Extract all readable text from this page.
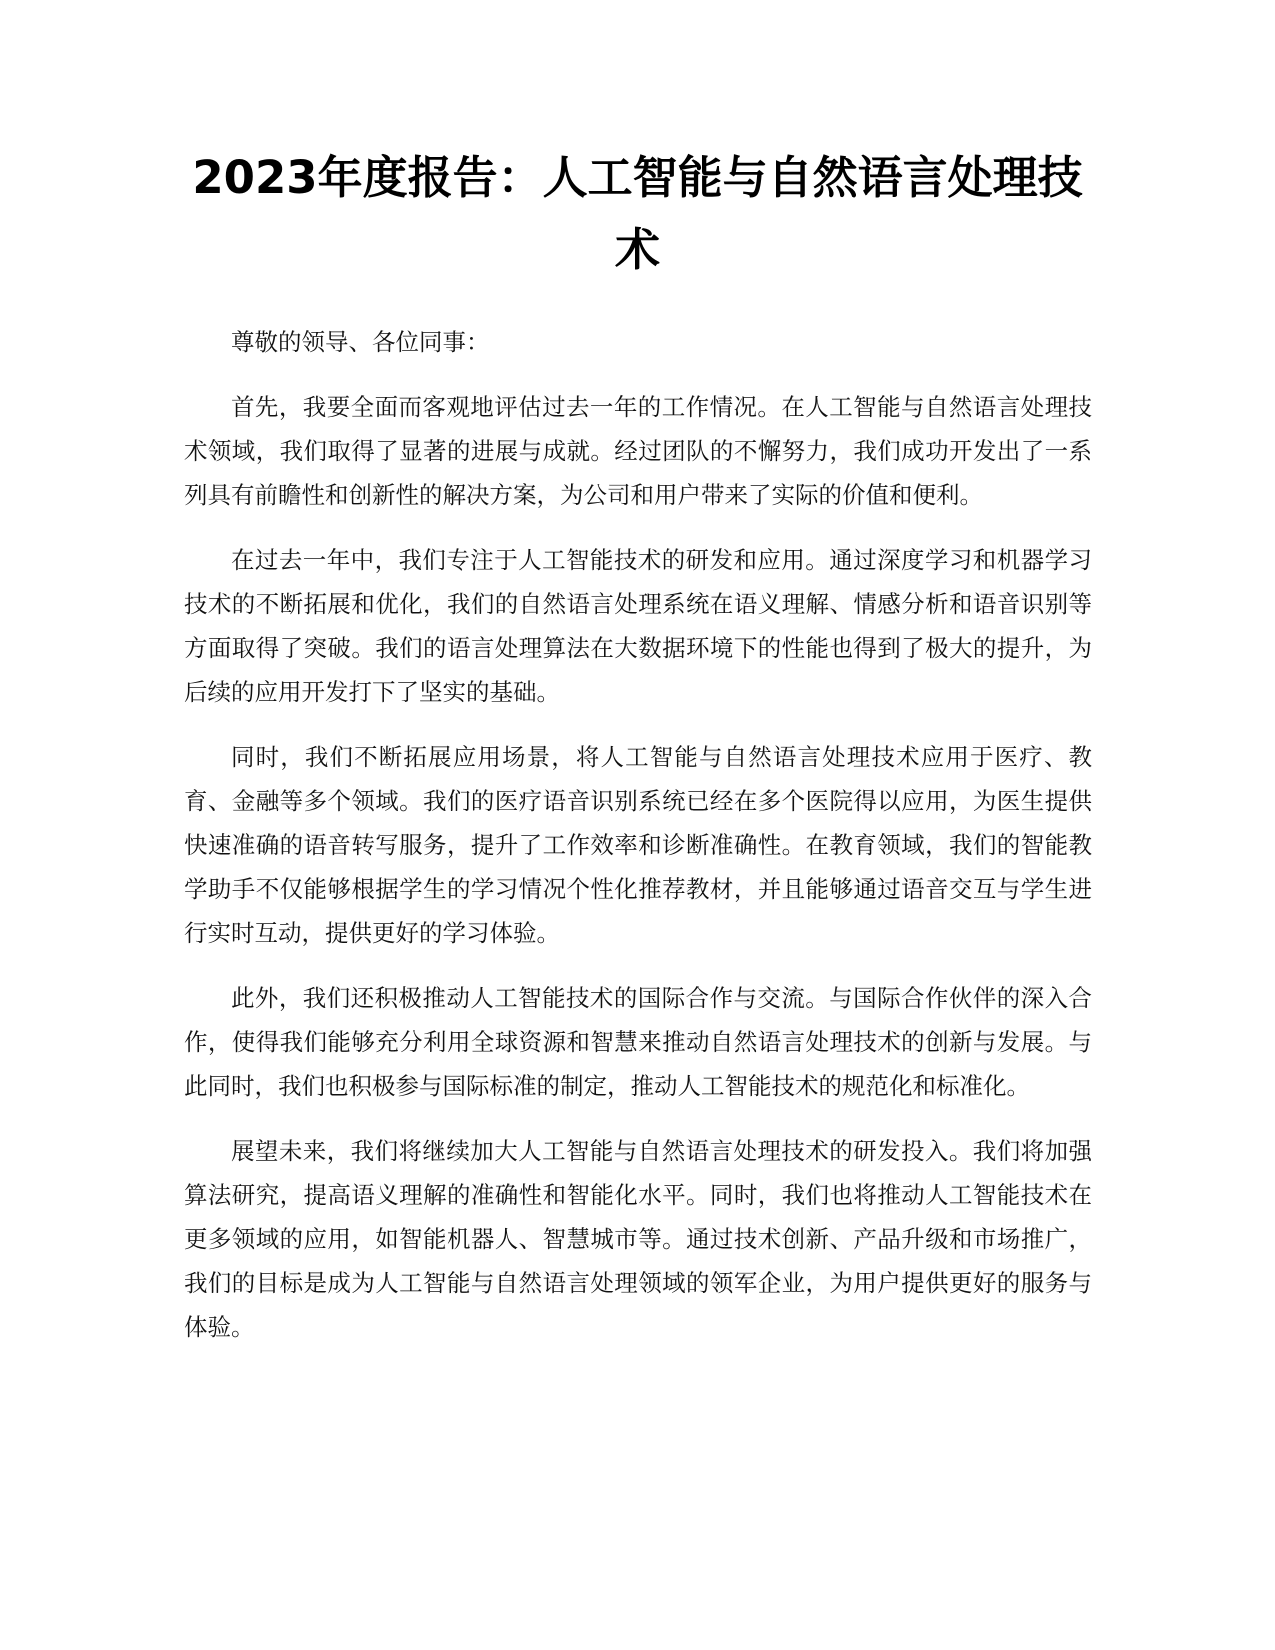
2023年度报告：人工智能与自然语言处理技术

尊敬的领导、各位同事：

首先，我要全面而客观地评估过去一年的工作情况。在人工智能与自然语言处理技术领域，我们取得了显著的进展与成就。经过团队的不懈努力，我们成功开发出了一系列具有前瞻性和创新性的解决方案，为公司和用户带来了实际的价值和便利。

在过去一年中，我们专注于人工智能技术的研发和应用。通过深度学习和机器学习技术的不断拓展和优化，我们的自然语言处理系统在语义理解、情感分析和语音识别等方面取得了突破。我们的语言处理算法在大数据环境下的性能也得到了极大的提升，为后续的应用开发打下了坚实的基础。

同时，我们不断拓展应用场景，将人工智能与自然语言处理技术应用于医疗、教育、金融等多个领域。我们的医疗语音识别系统已经在多个医院得以应用，为医生提供快速准确的语音转写服务，提升了工作效率和诊断准确性。在教育领域，我们的智能教学助手不仅能够根据学生的学习情况个性化推荐教材，并且能够通过语音交互与学生进行实时互动，提供更好的学习体验。

此外，我们还积极推动人工智能技术的国际合作与交流。与国际合作伙伴的深入合作，使得我们能够充分利用全球资源和智慧来推动自然语言处理技术的创新与发展。与此同时，我们也积极参与国际标准的制定，推动人工智能技术的规范化和标准化。

展望未来，我们将继续加大人工智能与自然语言处理技术的研发投入。我们将加强算法研究，提高语义理解的准确性和智能化水平。同时，我们也将推动人工智能技术在更多领域的应用，如智能机器人、智慧城市等。通过技术创新、产品升级和市场推广，我们的目标是成为人工智能与自然语言处理领域的领军企业，为用户提供更好的服务与体验。
